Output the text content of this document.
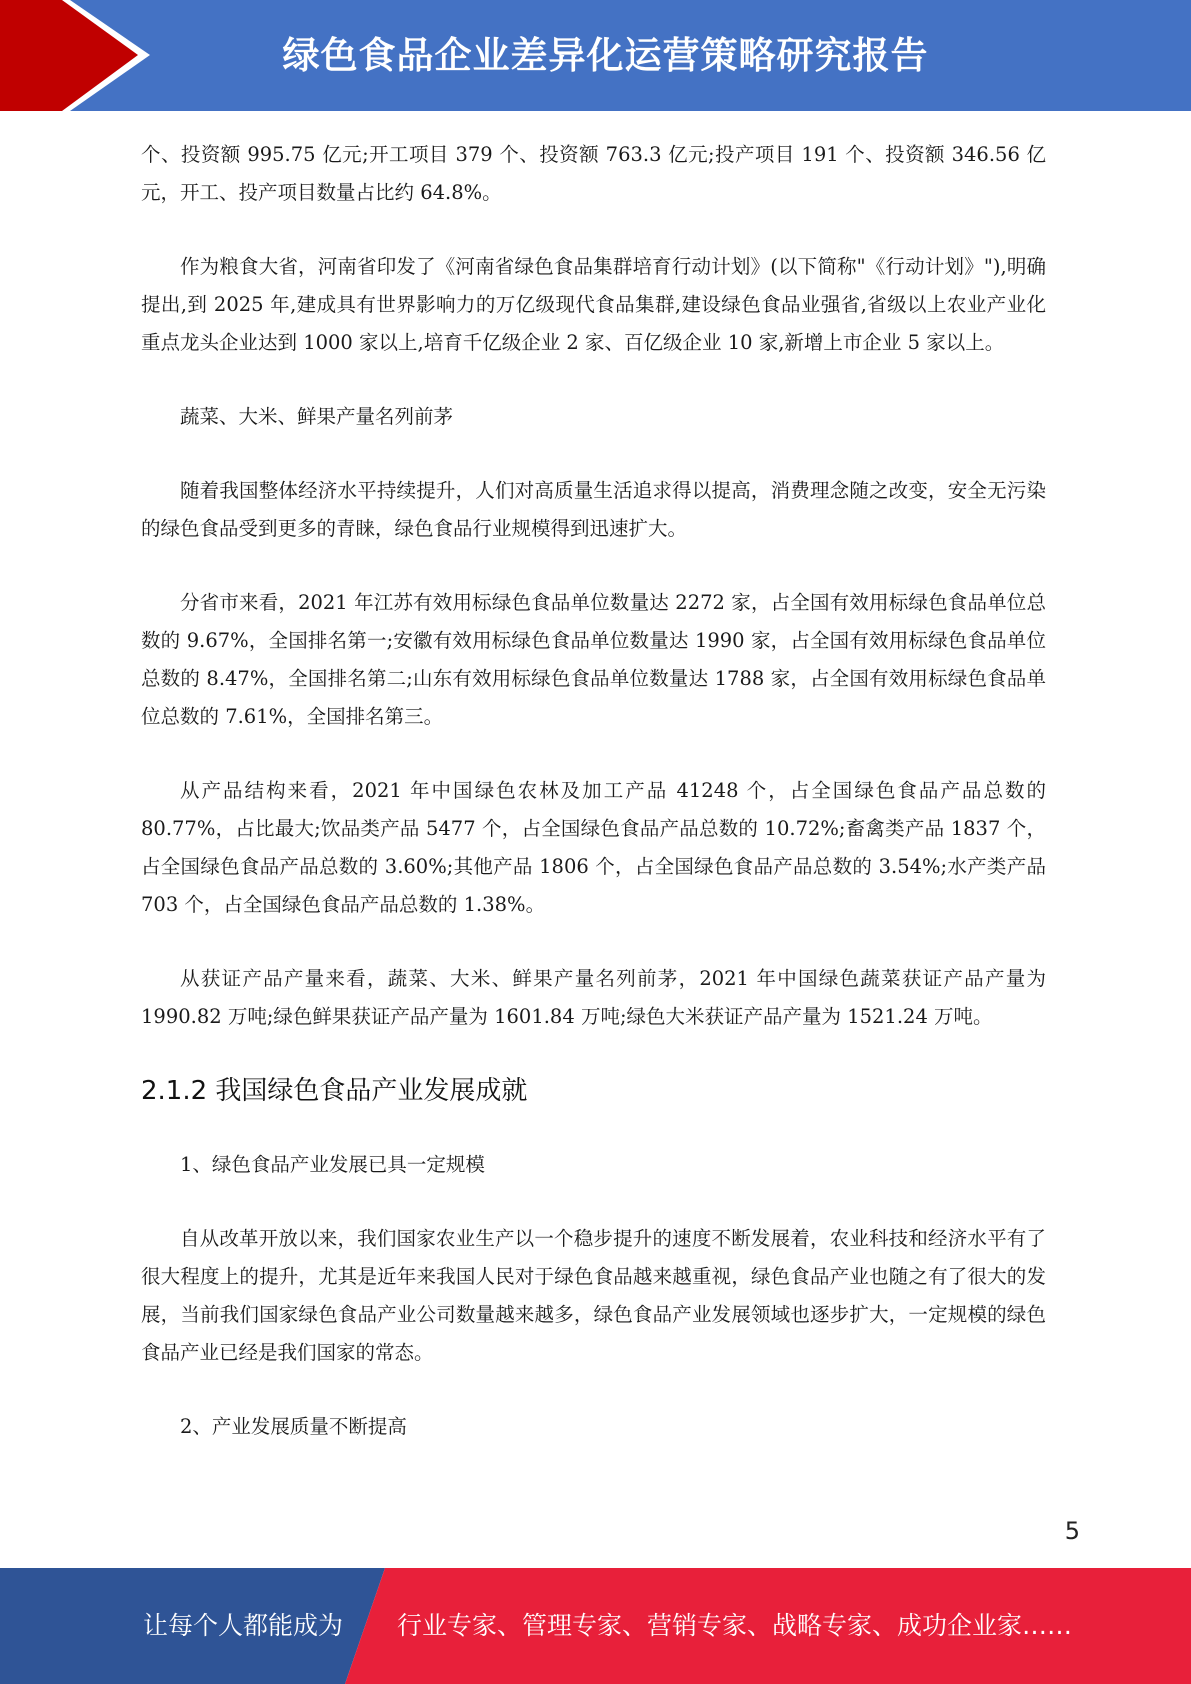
绿色食品企业差异化运营策略研究报告

个、投资额 995.75 亿元;开工项目 379 个、投资额 763.3 亿元;投产项目 191 个、投资额 346.56 亿元，开工、投产项目数量占比约 64.8%。

作为粮食大省，河南省印发了《河南省绿色食品集群培育行动计划》(以下简称"《行动计划》"),明确提出,到 2025 年,建成具有世界影响力的万亿级现代食品集群,建设绿色食品业强省,省级以上农业产业化重点龙头企业达到 1000 家以上,培育千亿级企业 2 家、百亿级企业 10 家,新增上市企业 5 家以上。

蔬菜、大米、鲜果产量名列前茅

随着我国整体经济水平持续提升，人们对高质量生活追求得以提高，消费理念随之改变，安全无污染的绿色食品受到更多的青睐，绿色食品行业规模得到迅速扩大。

分省市来看，2021 年江苏有效用标绿色食品单位数量达 2272 家，占全国有效用标绿色食品单位总数的 9.67%，全国排名第一;安徽有效用标绿色食品单位数量达 1990 家，占全国有效用标绿色食品单位总数的 8.47%，全国排名第二;山东有效用标绿色食品单位数量达 1788 家，占全国有效用标绿色食品单位总数的 7.61%，全国排名第三。

从产品结构来看，2021 年中国绿色农林及加工产品 41248 个，占全国绿色食品产品总数的 80.77%，占比最大;饮品类产品 5477 个，占全国绿色食品产品总数的 10.72%;畜禽类产品 1837 个，占全国绿色食品产品总数的 3.60%;其他产品 1806 个，占全国绿色食品产品总数的 3.54%;水产类产品 703 个，占全国绿色食品产品总数的 1.38%。

从获证产品产量来看，蔬菜、大米、鲜果产量名列前茅，2021 年中国绿色蔬菜获证产品产量为 1990.82 万吨;绿色鲜果获证产品产量为 1601.84 万吨;绿色大米获证产品产量为 1521.24 万吨。

2.1.2 我国绿色食品产业发展成就

1、绿色食品产业发展已具一定规模

自从改革开放以来，我们国家农业生产以一个稳步提升的速度不断发展着，农业科技和经济水平有了很大程度上的提升，尤其是近年来我国人民对于绿色食品越来越重视，绿色食品产业也随之有了很大的发展，当前我们国家绿色食品产业公司数量越来越多，绿色食品产业发展领域也逐步扩大，一定规模的绿色食品产业已经是我们国家的常态。

2、产业发展质量不断提高

5
让每个人都能成为 行业专家、管理专家、营销专家、战略专家、成功企业家……
